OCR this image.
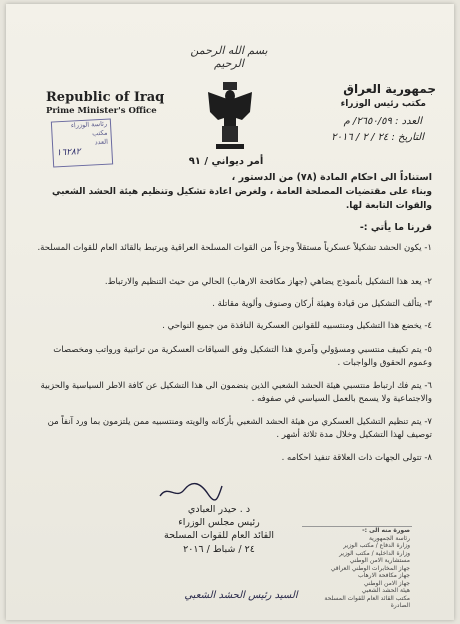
بسم الله الرحمن الرحيم
Republic of Iraq
Prime Minister's Office
جمهورية العراق
مكتب رئيس الوزراء
العدد : ٢٦٥٠/٥٩/ م
التاريخ : ٢٤ / ٢ / ٢٠١٦
رئاسة الوزراء
مكتب
العدد
١٦٢٨٢
أمر ديواني / ٩١
استناداً الى احكام المادة (٧٨) من الدستور ،
وبناء على مقتضيات المصلحة العامة ، ولغرض اعادة تشكيل وتنظيم هيئة الحشد الشعبي
والقوات التابعة لها.
قررنا ما يأتي :-
١- يكون الحشد تشكيلاً عسكرياً مستقلاً وجزءاً من القوات المسلحة العراقية ويرتبط بالقائد العام للقوات المسلحة.
٢- يعد هذا التشكيل بأنموذج يضاهي (جهاز مكافحة الارهاب) الحالي من حيث التنظيم والارتباط.
٣- يتألف التشكيل من قيادة وهيئة أركان وصنوف وألوية مقاتلة .
٤- يخضع هذا التشكيل ومنتسبيه للقوانين العسكرية النافذة من جميع النواحي .
٥- يتم تكييف منتسبي ومسؤولي وآمري هذا التشكيل وفق السياقات العسكرية من تراتبية ورواتب ومخصصات وعموم الحقوق والواجبات .
٦- يتم فك ارتباط منتسبي هيئة الحشد الشعبي الذين ينضمون الى هذا التشكيل عن كافة الاطر السياسية والحزبية والاجتماعية ولا يسمح بالعمل السياسي في صفوفه .
٧- يتم تنظيم التشكيل العسكري من هيئة الحشد الشعبي بأركانه والويته ومنتسبيه ممن يلتزمون بما ورد آنفاً من توصيف لهذا التشكيل وخلال مدة ثلاثة أشهر .
٨- تتولى الجهات ذات العلاقة تنفيذ احكامه .
د . حيدر العبادي
رئيس مجلس الوزراء
القائد العام للقوات المسلحة
٢٤ / شباط / ٢٠١٦
صورة منه الى :-
رئاسة الجمهورية
وزارة الدفاع / مكتب الوزير
وزارة الداخلية / مكتب الوزير
مستشارية الامن الوطني
جهاز المخابرات الوطني العراقي
جهاز مكافحة الارهاب
جهاز الامن الوطني
هيئة الحشد الشعبي
مكتب القائد العام للقوات المسلحة
الصادرة
السيد رئيس الحشد الشعبي
